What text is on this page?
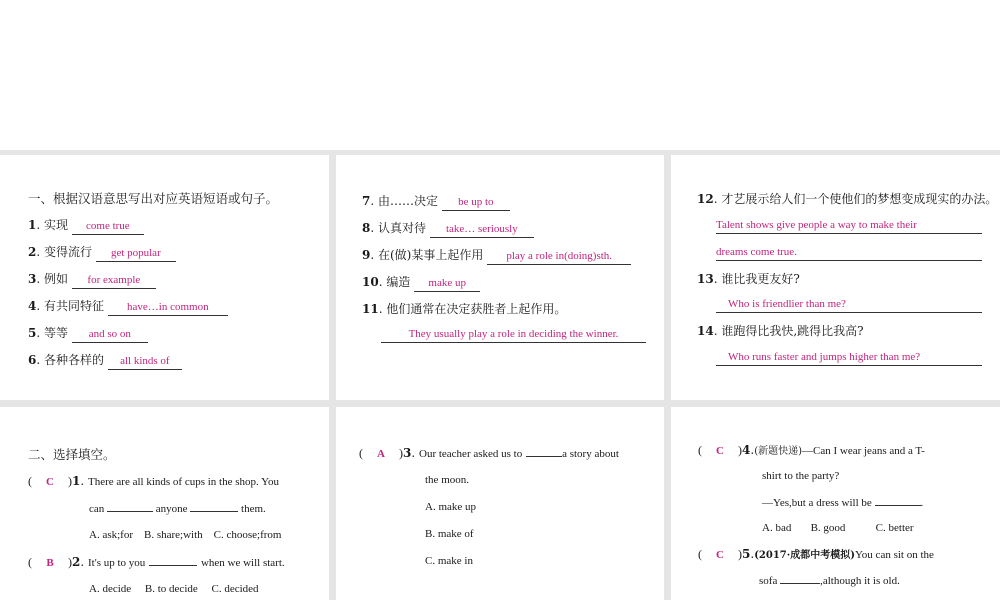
一、根据汉语意思写出对应英语短语或句子。
1. 实现 come true
2. 变得流行 get popular
3. 例如 for example
4. 有共同特征 have…in common
5. 等等 and so on
6. 各种各样的 all kinds of
7. 由……决定 be up to
8. 认真对待 take… seriously
9. 在(做)某事上起作用 play a role in(doing)sth.
10. 编造 make up
11. 他们通常在决定获胜者上起作用。
They usually play a role in deciding the winner.
12. 才艺展示给人们一个使他们的梦想变成现实的办法。
Talent shows give people a way to make their
dreams come true.
13. 谁比我更友好?
Who is friendlier than me?
14. 谁跑得比我快,跳得比我高?
Who runs faster and jumps higher than me?
二、选择填空。
( C )1. There are all kinds of cups in the shop. You
can	anyone	them.
A. ask;for B. share;with C. choose;from
( B )2. It's up to you	when we will start.
A. decide B. to decide C. decided
( A )3. Our teacher asked us to	a story about
the moon.
A. make up
B. make of
C. make in
( C )4.(新题快递)—Can I wear jeans and a T-
shirt to the party?
—Yes,but a dress will be	.
A. bad B. good	C. better
( C )5.(2017·成都中考模拟)You can sit on the
sofa	,although it is old.
